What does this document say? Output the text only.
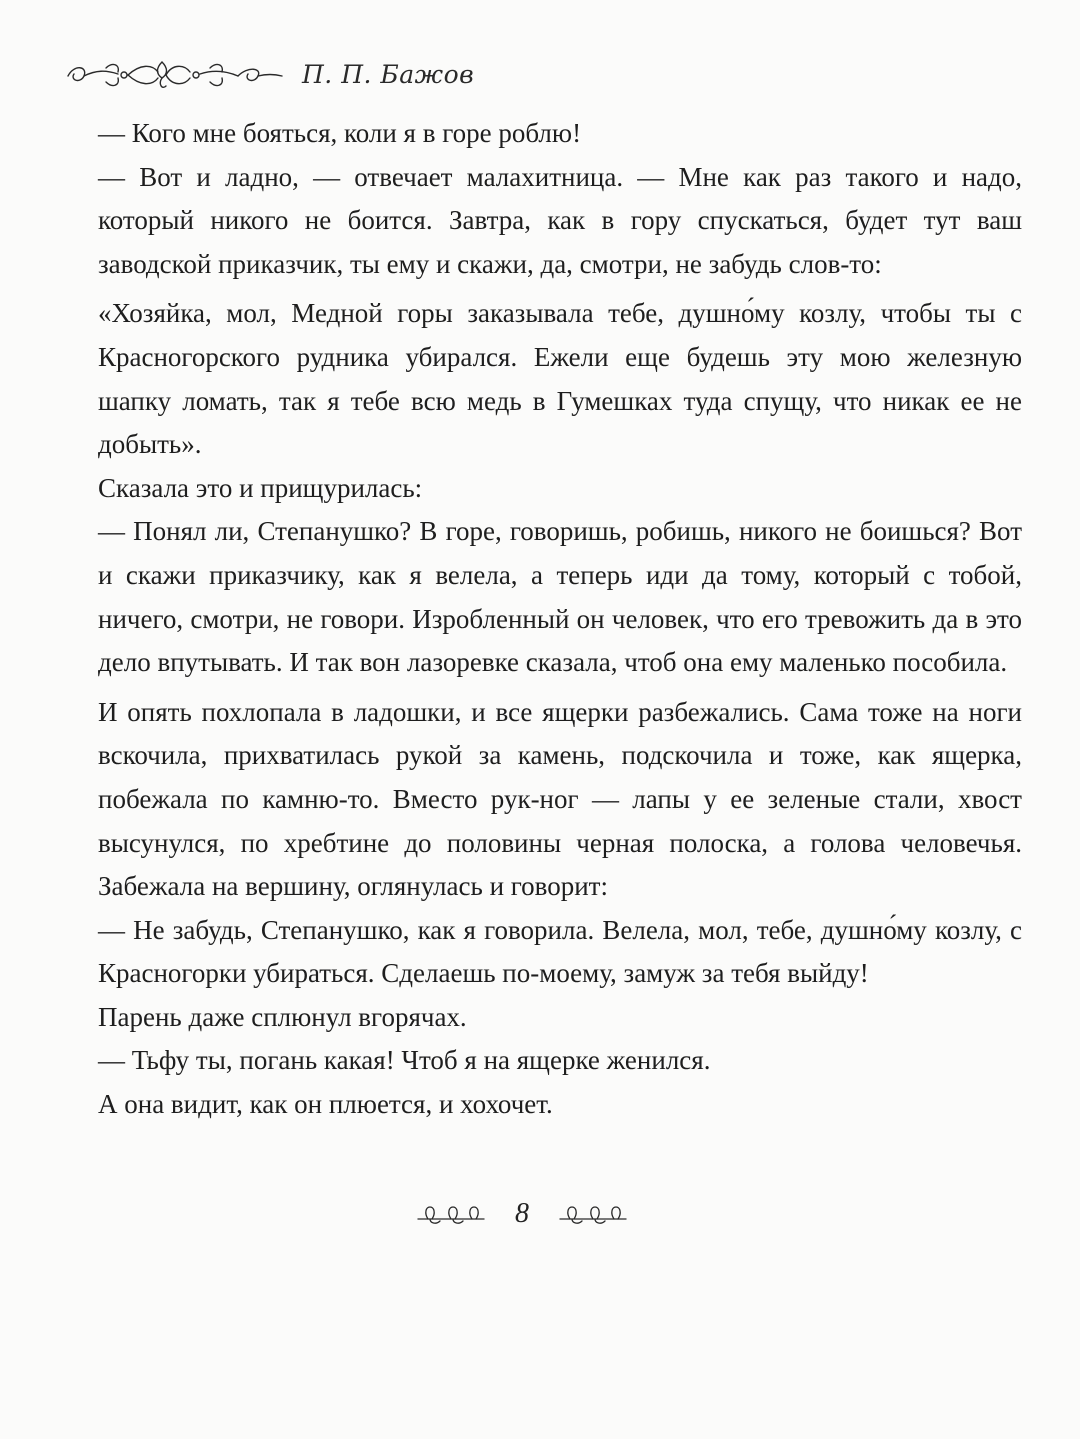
П. П. Бажов

— Кого мне бояться, коли я в горе роблю!

— Вот и ладно, — отвечает малахитница. — Мне как раз такого и надо, который никого не боится. Завтра, как в гору спускаться, будет тут ваш заводской приказчик, ты ему и скажи, да, смотри, не забудь слов-то:

«Хозяйка, мол, Медной горы заказывала тебе, душно́му козлу, чтобы ты с Красногорского рудника убирался. Ежели еще будешь эту мою железную шапку ломать, так я тебе всю медь в Гумешках туда спущу, что никак ее не добыть».

Сказала это и прищурилась:

— Понял ли, Степанушко? В горе, говоришь, робишь, никого не боишься? Вот и скажи приказчику, как я велела, а теперь иди да тому, который с тобой, ничего, смотри, не говори. Изробленный он человек, что его тревожить да в это дело впутывать. И так вон лазоревке сказала, чтоб она ему маленько пособила.

И опять похлопала в ладошки, и все ящерки разбежались. Сама тоже на ноги вскочила, прихватилась рукой за камень, подскочила и тоже, как ящерка, побежала по камню-то. Вместо рук-ног — лапы у ее зеленые стали, хвост высунулся, по хребтине до половины черная полоска, а голова человечья. Забежала на вершину, оглянулась и говорит:

— Не забудь, Степанушко, как я говорила. Велела, мол, тебе, душно́му козлу, с Красногорки убираться. Сделаешь по-моему, замуж за тебя выйду!

Парень даже сплюнул вгорячах.

— Тьфу ты, погань какая! Чтоб я на ящерке женился.

А она видит, как он плюется, и хохочет.

8
